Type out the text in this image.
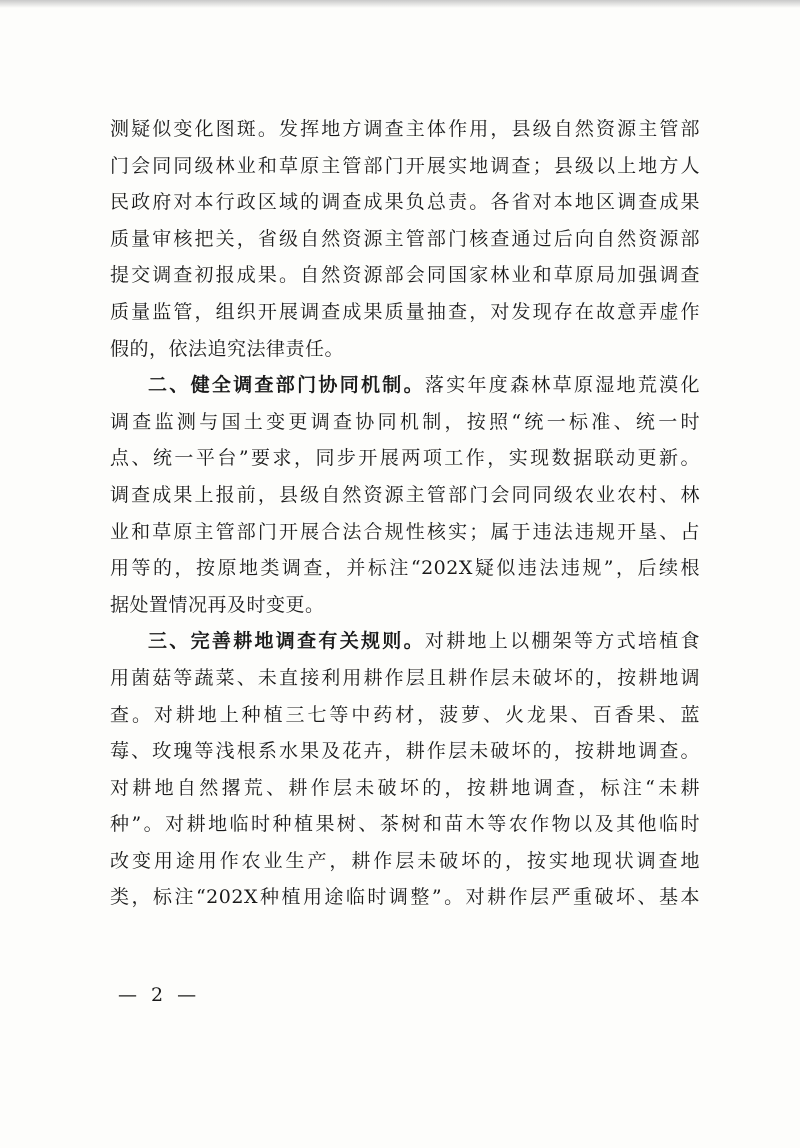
测疑似变化图斑。发挥地方调查主体作用，县级自然资源主管部
门会同同级林业和草原主管部门开展实地调查；县级以上地方人
民政府对本行政区域的调查成果负总责。各省对本地区调查成果
质量审核把关，省级自然资源主管部门核查通过后向自然资源部
提交调查初报成果。自然资源部会同国家林业和草原局加强调查
质量监管，组织开展调查成果质量抽查，对发现存在故意弄虚作
假的，依法追究法律责任。
二、健全调查部门协同机制。落实年度森林草原湿地荒漠化
调查监测与国土变更调查协同机制，按照“统一标准、统一时
点、统一平台”要求，同步开展两项工作，实现数据联动更新。
调查成果上报前，县级自然资源主管部门会同同级农业农村、林
业和草原主管部门开展合法合规性核实；属于违法违规开垦、占
用等的，按原地类调查，并标注“202X疑似违法违规”，后续根
据处置情况再及时变更。
三、完善耕地调查有关规则。对耕地上以棚架等方式培植食
用菌菇等蔬菜、未直接利用耕作层且耕作层未破坏的，按耕地调
查。对耕地上种植三七等中药材，菠萝、火龙果、百香果、蓝
莓、玫瑰等浅根系水果及花卉，耕作层未破坏的，按耕地调查。
对耕地自然撂荒、耕作层未破坏的，按耕地调查，标注“未耕
种”。对耕地临时种植果树、茶树和苗木等农作物以及其他临时
改变用途用作农业生产，耕作层未破坏的，按实地现状调查地
类，标注“202X种植用途临时调整”。对耕作层严重破坏、基本
— 2 —
